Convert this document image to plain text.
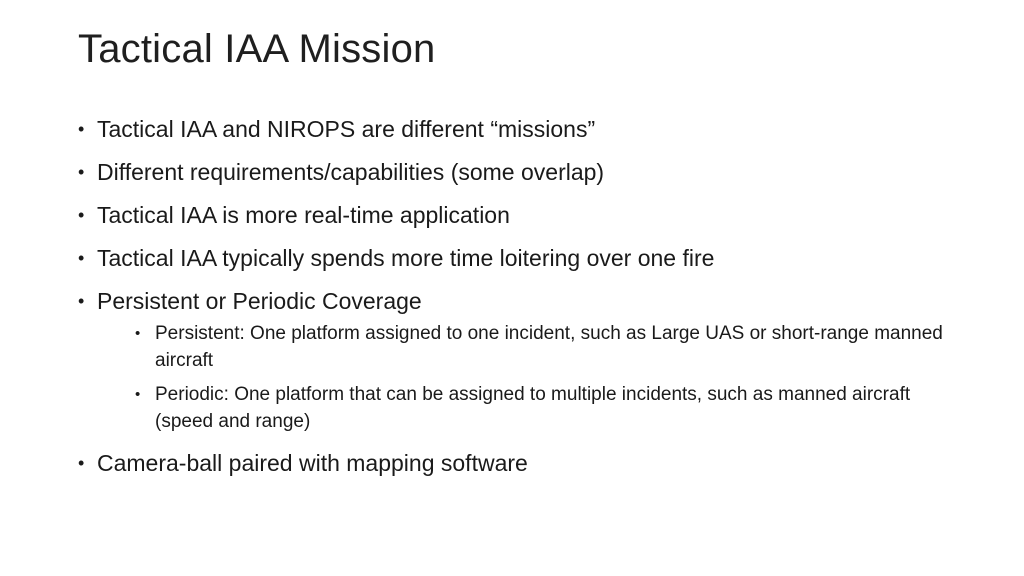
Tactical IAA Mission
• Tactical IAA and NIROPS are different “missions”
• Different requirements/capabilities (some overlap)
• Tactical IAA is more real-time application
• Tactical IAA typically spends more time loitering over one fire
• Persistent or Periodic Coverage
• Persistent: One platform assigned to one incident, such as Large UAS or short-range manned aircraft
• Periodic: One platform that can be assigned to multiple incidents, such as manned aircraft (speed and range)
• Camera-ball paired with mapping software
